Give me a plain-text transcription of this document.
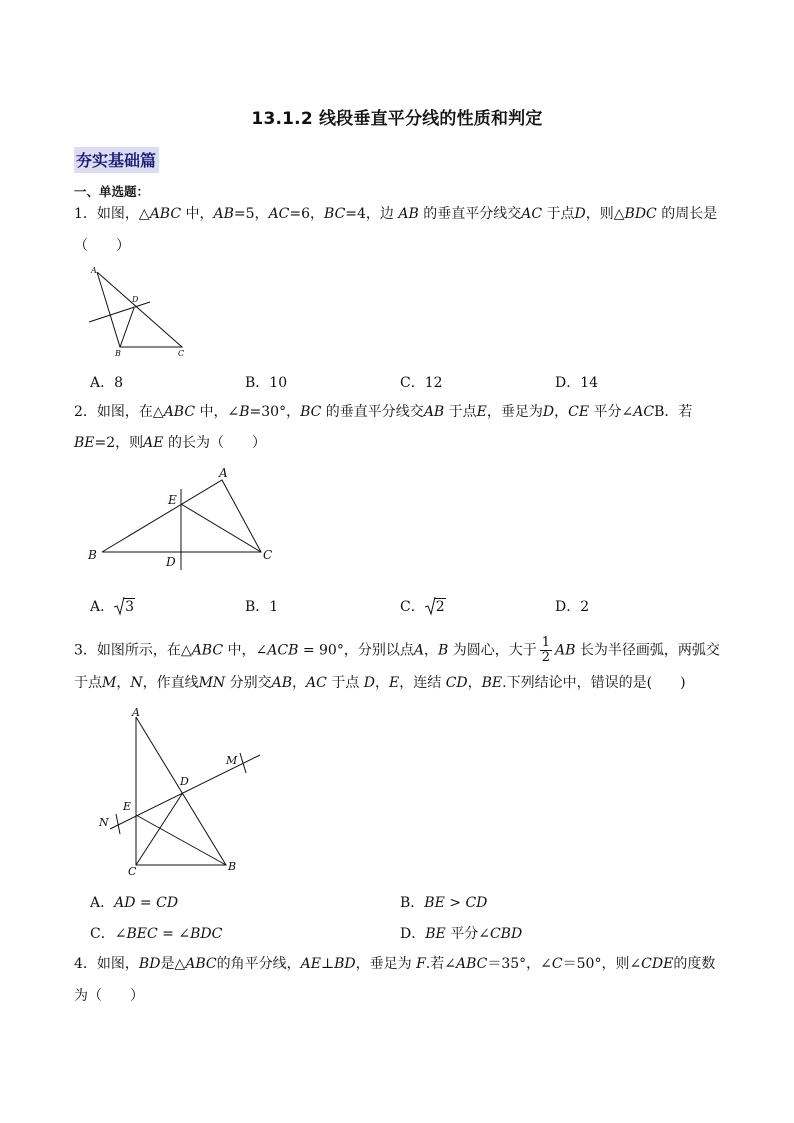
13.1.2 线段垂直平分线的性质和判定
夯实基础篇
一、单选题：
1．如图，△ABC 中，AB=5，AC=6，BC=4，边 AB 的垂直平分线交AC 于点D，则△BDC 的周长是
（　　）
A
D
B	C
A．8	B．10	C．12	D．14
2．如图，在△ABC 中，∠B=30°，BC 的垂直平分线交AB 于点E，垂足为D，CE 平分∠ACB．若
BE=2，则AE 的长为（　　）
A
E
B	D	C
A． 3	B．1	C． 2	D．2
3．如图所示，在△ABC 中，∠ACB = 90°，分别以点A，B 为圆心，大于 $\frac{1}{2}$ AB 长为半径画弧，两弧交
于点M，N，作直线MN 分别交AB，AC 于点 D，E，连结 CD，BE.下列结论中，错误的是(　　)
A
M
D
E
N
C	B
A．AD = CD	B．BE > CD
C．∠BEC = ∠BDC	D．BE 平分∠CBD
4．如图，BD是△ABC的角平分线，AE⊥BD，垂足为 F.若∠ABC＝35°，∠C＝50°，则∠CDE的度数
为（　　）
